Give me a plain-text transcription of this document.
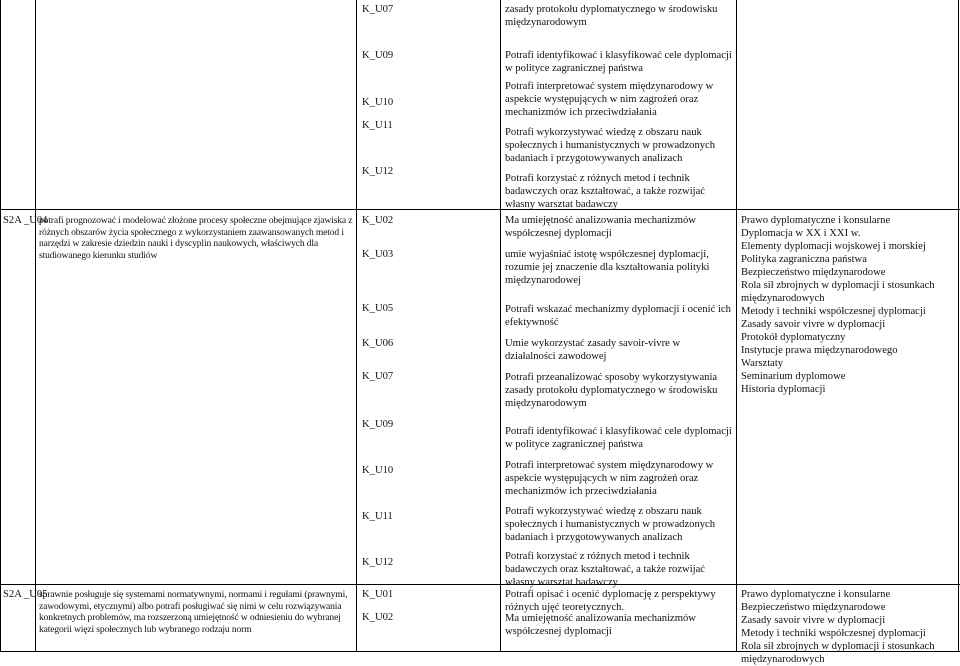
K_U07
K_U09
K_U10
K_U11
K_U12
zasady protokołu dyplomatycznego w środowisku międzynarodowym
Potrafi identyfikować i klasyfikować cele dyplomacji w polityce zagranicznej państwa
Potrafi interpretować system międzynarodowy w aspekcie występujących w nim zagrożeń oraz mechanizmów ich przeciwdziałania
Potrafi wykorzystywać wiedzę z obszaru nauk społecznych i humanistycznych w prowadzonych badaniach i przygotowywanych analizach
Potrafi korzystać z różnych metod i technik badawczych oraz kształtować, a także rozwijać własny warsztat badawczy
S2A _U04
potrafi prognozować i modelować złożone procesy społeczne obejmujące zjawiska z różnych obszarów życia społecznego z wykorzystaniem zaawansowanych metod i narzędzi w zakresie dziedzin nauki i dyscyplin naukowych, właściwych dla studiowanego kierunku studiów
K_U02
K_U03
K_U05
K_U06
K_U07
K_U09
K_U10
K_U11
K_U12
Ma umiejętność analizowania mechanizmów współczesnej dyplomacji
umie wyjaśniać istotę współczesnej dyplomacji, rozumie jej znaczenie dla kształtowania polityki międzynarodowej
Potrafi wskazać mechanizmy dyplomacji i ocenić ich efektywność
Umie wykorzystać zasady savoir-vivre w działalności zawodowej
Potrafi przeanalizować sposoby wykorzystywania zasady protokołu dyplomatycznego w środowisku międzynarodowym
Potrafi identyfikować i klasyfikować cele dyplomacji w polityce zagranicznej państwa
Potrafi interpretować system międzynarodowy w aspekcie występujących w nim zagrożeń oraz mechanizmów ich przeciwdziałania
Potrafi wykorzystywać wiedzę z obszaru nauk społecznych i humanistycznych w prowadzonych badaniach i przygotowywanych analizach
Potrafi korzystać z różnych metod i technik badawczych oraz kształtować, a także rozwijać własny warsztat badawczy
Prawo dyplomatyczne i konsularne
Dyplomacja w XX i XXI w.
Elementy dyplomacji wojskowej i morskiej
Polityka zagraniczna państwa
Bezpieczeństwo międzynarodowe
Rola sił zbrojnych w dyplomacji i stosunkach międzynarodowych
Metody i techniki współczesnej dyplomacji
Zasady savoir vivre w dyplomacji
Protokół dyplomatyczny
Instytucje prawa międzynarodowego
Warsztaty
Seminarium dyplomowe
Historia dyplomacji
S2A _U05
sprawnie posługuje się systemami normatywnymi, normami i regułami (prawnymi, zawodowymi, etycznymi) albo potrafi posługiwać się nimi w celu rozwiązywania konkretnych problemów, ma rozszerzoną umiejętność w odniesieniu do wybranej kategorii więzi społecznych lub wybranego rodzaju norm
K_U01
K_U02
Potrafi opisać i ocenić dyplomację z perspektywy różnych ujęć teoretycznych.
Ma umiejętność analizowania mechanizmów współczesnej dyplomacji
Prawo dyplomatyczne i konsularne
Bezpieczeństwo międzynarodowe
Zasady savoir vivre w dyplomacji
Metody i techniki współczesnej dyplomacji
Rola sił zbrojnych w dyplomacji i stosunkach międzynarodowych
